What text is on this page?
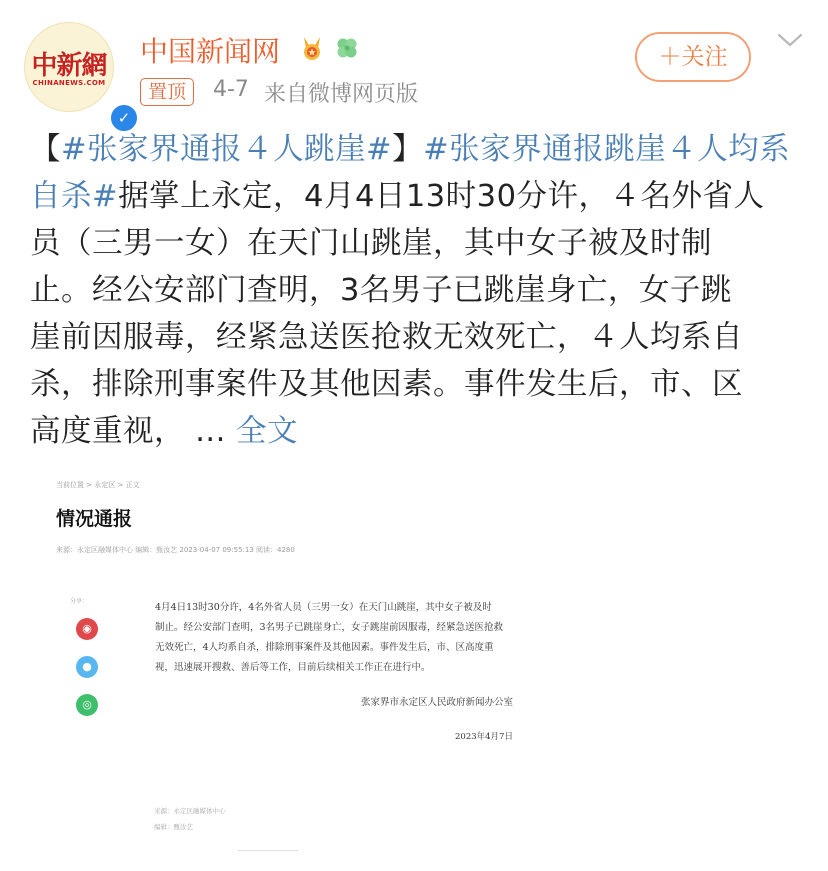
中新網
CHINANEWS.COM
✓
中国新闻网
置顶	4-7 来自微博网页版
＋关注
【#张家界通报４人跳崖#】#张家界通报跳崖４人均系
自杀#据掌上永定，4月4日13时30分许，４名外省人
员（三男一女）在天门山跳崖，其中女子被及时制
止。经公安部门查明，3名男子已跳崖身亡，女子跳
崖前因服毒，经紧急送医抢救无效死亡，４人均系自
杀，排除刑事案件及其他因素。事件发生后，市、区
高度重视， ... 全文
当前位置 > 永定区 > 正文
情况通报
来源：永定区融媒体中心 编辑：甄汝艺 2023-04-07 09:55:13 阅读：4280
分享：
◉
●
◎
4月4日13时30分许，4名外省人员（三男一女）在天门山跳崖，其中女子被及时
制止。经公安部门查明，3名男子已跳崖身亡，女子跳崖前因服毒，经紧急送医抢救
无效死亡，4人均系自杀，排除刑事案件及其他因素。事件发生后，市、区高度重
视，迅速展开搜救、善后等工作，目前后续相关工作正在进行中。
张家界市永定区人民政府新闻办公室
2023年4月7日
来源：永定区融媒体中心
编辑：甄汝艺
